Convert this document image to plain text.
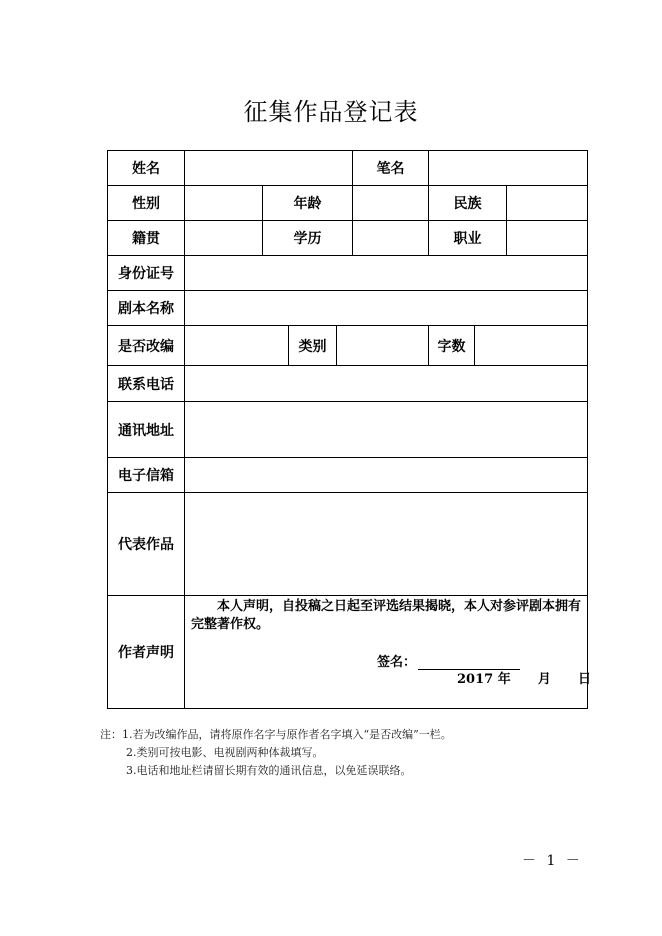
征集作品登记表
姓名					笔名			
性别		年龄				民族		
籍贯		学历				职业		
身份证号								
剧本名称								
是否改编			类别			字数		
联系电话								
通讯地址								
电子信箱								
代表作品								
作者声明	本人声明，自投稿之日起至评选结果揭晓，本人对参评剧本拥有完整著作权。
签名：
2017 年      月      日							
注：1.若为改编作品，请将原作名字与原作者名字填入“是否改编”一栏。
2.类别可按电影、电视剧两种体裁填写。
3.电话和地址栏请留长期有效的通讯信息，以免延误联络。
－ 1 －
